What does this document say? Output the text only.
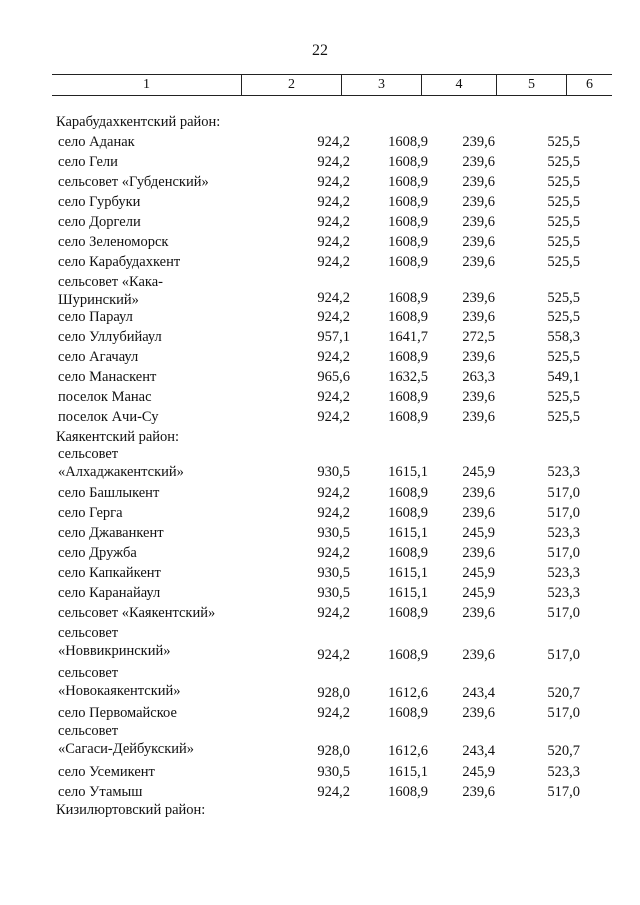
22
1	2	3	4	5	6
Карабудахкентский район:
село Аданак	924,2	1608,9 239,6	525,5
село Гели	924,2	1608,9 239,6	525,5
сельсовет «Губденский»	924,2	1608,9 239,6	525,5
село Гурбуки	924,2	1608,9 239,6	525,5
село Доргели	924,2	1608,9 239,6	525,5
село Зеленоморск	924,2	1608,9 239,6	525,5
село Карабудахкент	924,2	1608,9 239,6	525,5
сельсовет «Кака-
Шуринский»	924,2	1608,9 239,6	525,5
село Параул	924,2	1608,9 239,6	525,5
село Уллубийаул	957,1	1641,7 272,5	558,3
село Агачаул	924,2	1608,9 239,6	525,5
село Манаскент	965,6	1632,5 263,3	549,1
поселок Манас	924,2	1608,9 239,6	525,5
поселок Ачи-Су	924,2	1608,9 239,6	525,5
Каякентский район:
сельсовет
«Алхаджакентский»	930,5	1615,1 245,9	523,3
село Башлыкент	924,2	1608,9 239,6	517,0
село Герга	924,2	1608,9 239,6	517,0
село Джаванкент	930,5	1615,1 245,9	523,3
село Дружба	924,2	1608,9 239,6	517,0
село Капкайкент	930,5	1615,1 245,9	523,3
село Каранайаул	930,5	1615,1 245,9	523,3
сельсовет «Каякентский»	924,2	1608,9 239,6	517,0
сельсовет
«Новвикринский»	924,2	1608,9 239,6	517,0
сельсовет
«Новокаякентский»	928,0	1612,6 243,4	520,7
село Первомайское	924,2	1608,9 239,6	517,0
сельсовет
«Сагаси-Дейбукский»	928,0	1612,6 243,4	520,7
село Усемикент	930,5	1615,1 245,9	523,3
село Утамыш	924,2	1608,9 239,6	517,0
Кизилюртовский район:
